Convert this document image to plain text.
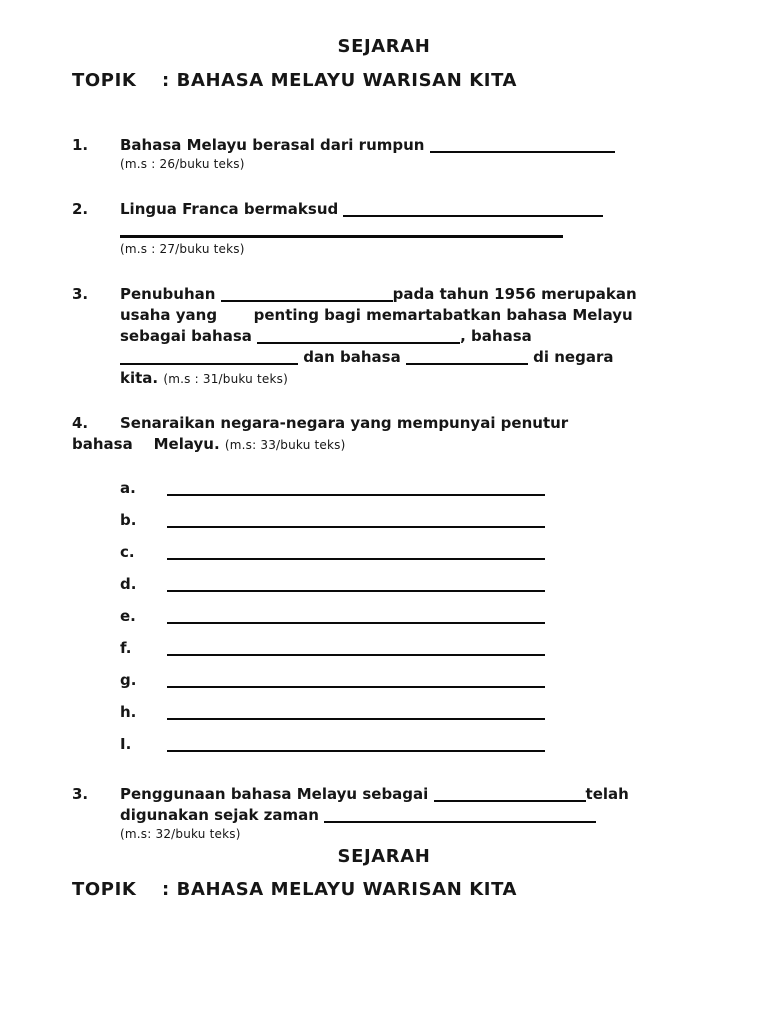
SEJARAH
TOPIK : BAHASA MELAYU WARISAN KITA
1.	Bahasa Melayu berasal dari rumpun
(m.s : 26/buku teks)
2.	Lingua Franca bermaksud
(m.s : 27/buku teks)
3.	Penubuhan	pada tahun 1956 merupakan
usaha yang       penting bagi memartabatkan bahasa Melayu
sebagai bahasa	, bahasa
dan bahasa	di negara
kita. (m.s : 31/buku teks)
4.	Senaraikan negara-negara yang mempunyai penutur
bahasa    Melayu. (m.s: 33/buku teks)
a.
b.
c.
d.
e.
f.
g.
h.
I.
3.	Penggunaan bahasa Melayu sebagai	telah
digunakan sejak zaman
(m.s: 32/buku teks)
SEJARAH
TOPIK : BAHASA MELAYU WARISAN KITA
